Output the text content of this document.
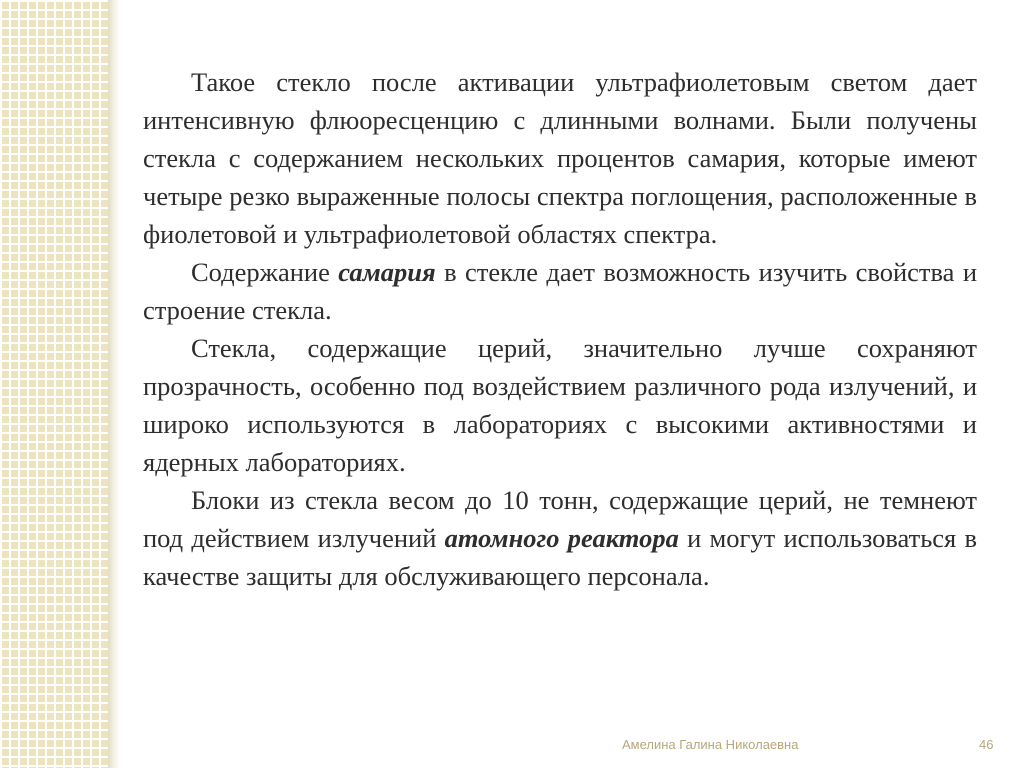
Такое стекло после активации ультрафиолетовым светом дает интенсивную флюоресценцию с длинными волнами. Были получены стекла с содержанием нескольких процентов самария, которые имеют четыре резко выраженные полосы спектра поглощения, расположенные в фиолетовой и ультрафиолетовой областях спектра.

Содержание самария в стекле дает возможность изучить свойства и строение стекла.

Стекла, содержащие церий, значительно лучше сохраняют прозрачность, особенно под воздействием различного рода излучений, и широко используются в лабораториях с высокими активностями и ядерных лабораториях.

Блоки из стекла весом до 10 тонн, содержащие церий, не темнеют под действием излучений атомного реактора и могут использоваться в качестве защиты для обслуживающего персонала.

Амелина Галина Николаевна	46
